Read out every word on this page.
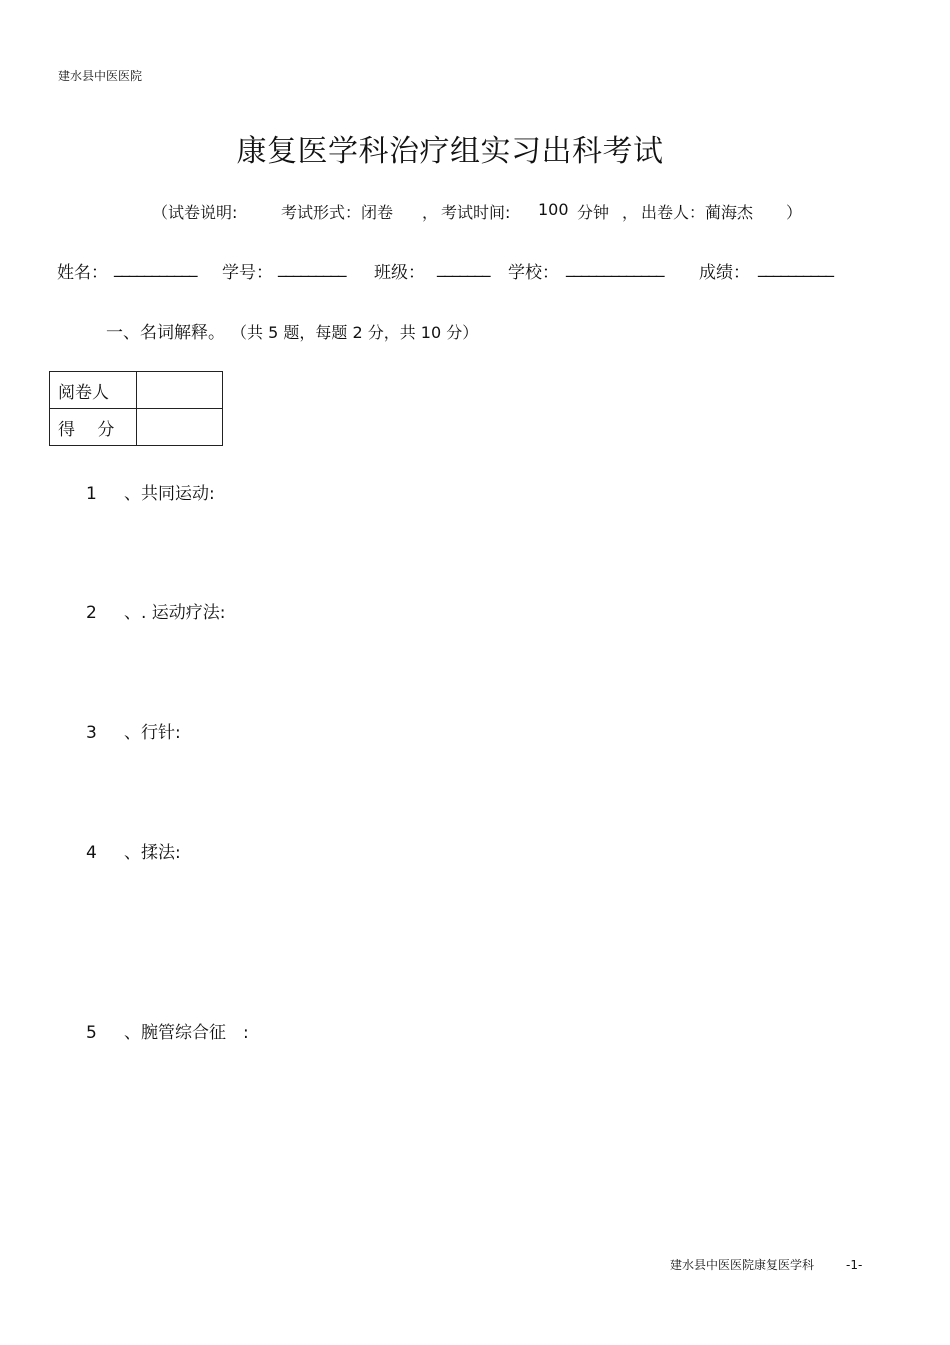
建水县中医医院
康复医学科治疗组实习出科考试
（试卷说明:	考试形式：闭卷 ， 考试时间: 100 分钟 ， 出卷人：蔺海杰 ）
姓名： ___________ 学号： _________ 班级： _______ 学校： _____________ 成绩： __________
一、名词解释。 （共 5 题，每题 2 分，共 10 分）
阅卷人	
得　 分	
1 、共同运动:
2 、. 运动疗法:
3 、行针:
4 、揉法:
5 、腕管综合征　:
建水县中医医院康复医学科	-1-
